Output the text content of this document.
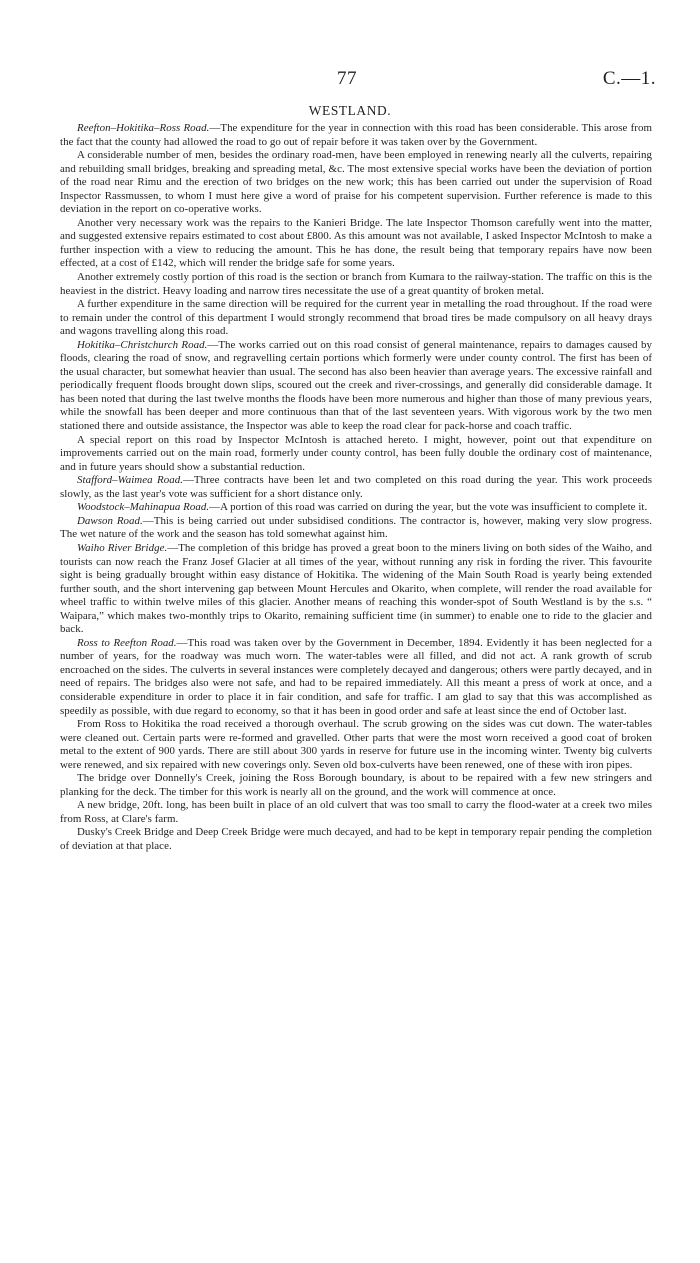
77	C.—1.
WESTLAND.

Reefton–Hokitika–Ross Road.—The expenditure for the year in connection with this road has been considerable. This arose from the fact that the county had allowed the road to go out of repair before it was taken over by the Government.

A considerable number of men, besides the ordinary road-men, have been employed in renewing nearly all the culverts, repairing and rebuilding small bridges, breaking and spreading metal, &c. The most extensive special works have been the deviation of portion of the road near Rimu and the erection of two bridges on the new work; this has been carried out under the supervision of Road Inspector Rassmussen, to whom I must here give a word of praise for his competent supervision. Further reference is made to this deviation in the report on co-operative works.

Another very necessary work was the repairs to the Kanieri Bridge. The late Inspector Thomson carefully went into the matter, and suggested extensive repairs estimated to cost about £800. As this amount was not available, I asked Inspector McIntosh to make a further inspection with a view to reducing the amount. This he has done, the result being that temporary repairs have now been effected, at a cost of £142, which will render the bridge safe for some years.

Another extremely costly portion of this road is the section or branch from Kumara to the railway-station. The traffic on this is the heaviest in the district. Heavy loading and narrow tires necessitate the use of a great quantity of broken metal.

A further expenditure in the same direction will be required for the current year in metalling the road throughout. If the road were to remain under the control of this department I would strongly recommend that broad tires be made compulsory on all heavy drays and wagons travelling along this road.

Hokitika–Christchurch Road.—The works carried out on this road consist of general maintenance, repairs to damages caused by floods, clearing the road of snow, and regravelling certain portions which formerly were under county control. The first has been of the usual character, but somewhat heavier than usual. The second has also been heavier than average years. The excessive rainfall and periodically frequent floods brought down slips, scoured out the creek and river-crossings, and generally did considerable damage. It has been noted that during the last twelve months the floods have been more numerous and higher than those of many previous years, while the snowfall has been deeper and more continuous than that of the last seventeen years. With vigorous work by the two men stationed there and outside assistance, the Inspector was able to keep the road clear for pack-horse and coach traffic.

A special report on this road by Inspector McIntosh is attached hereto. I might, however, point out that expenditure on improvements carried out on the main road, formerly under county control, has been fully double the ordinary cost of maintenance, and in future years should show a substantial reduction.

Stafford–Waimea Road.—Three contracts have been let and two completed on this road during the year. This work proceeds slowly, as the last year's vote was sufficient for a short distance only.

Woodstock–Mahinapua Road.—A portion of this road was carried on during the year, but the vote was insufficient to complete it.

Dawson Road.—This is being carried out under subsidised conditions. The contractor is, however, making very slow progress. The wet nature of the work and the season has told somewhat against him.

Waiho River Bridge.—The completion of this bridge has proved a great boon to the miners living on both sides of the Waiho, and tourists can now reach the Franz Josef Glacier at all times of the year, without running any risk in fording the river. This favourite sight is being gradually brought within easy distance of Hokitika. The widening of the Main South Road is yearly being extended further south, and the short intervening gap between Mount Hercules and Okarito, when complete, will render the road available for wheel traffic to within twelve miles of this glacier. Another means of reaching this wonder-spot of South Westland is by the s.s. “ Waipara,” which makes two-monthly trips to Okarito, remaining sufficient time (in summer) to enable one to ride to the glacier and back.

Ross to Reefton Road.—This road was taken over by the Government in December, 1894. Evidently it has been neglected for a number of years, for the roadway was much worn. The water-tables were all filled, and did not act. A rank growth of scrub encroached on the sides. The culverts in several instances were completely decayed and dangerous; others were partly decayed, and in need of repairs. The bridges also were not safe, and had to be repaired immediately. All this meant a press of work at once, and a considerable expenditure in order to place it in fair condition, and safe for traffic. I am glad to say that this was accomplished as speedily as possible, with due regard to economy, so that it has been in good order and safe at least since the end of October last.

From Ross to Hokitika the road received a thorough overhaul. The scrub growing on the sides was cut down. The water-tables were cleaned out. Certain parts were re-formed and gravelled. Other parts that were the most worn received a good coat of broken metal to the extent of 900 yards. There are still about 300 yards in reserve for future use in the incoming winter. Twenty big culverts were renewed, and six repaired with new coverings only. Seven old box-culverts have been renewed, one of these with iron pipes.

The bridge over Donnelly's Creek, joining the Ross Borough boundary, is about to be repaired with a few new stringers and planking for the deck. The timber for this work is nearly all on the ground, and the work will commence at once.

A new bridge, 20ft. long, has been built in place of an old culvert that was too small to carry the flood-water at a creek two miles from Ross, at Clare's farm.

Dusky's Creek Bridge and Deep Creek Bridge were much decayed, and had to be kept in temporary repair pending the completion of deviation at that place.
